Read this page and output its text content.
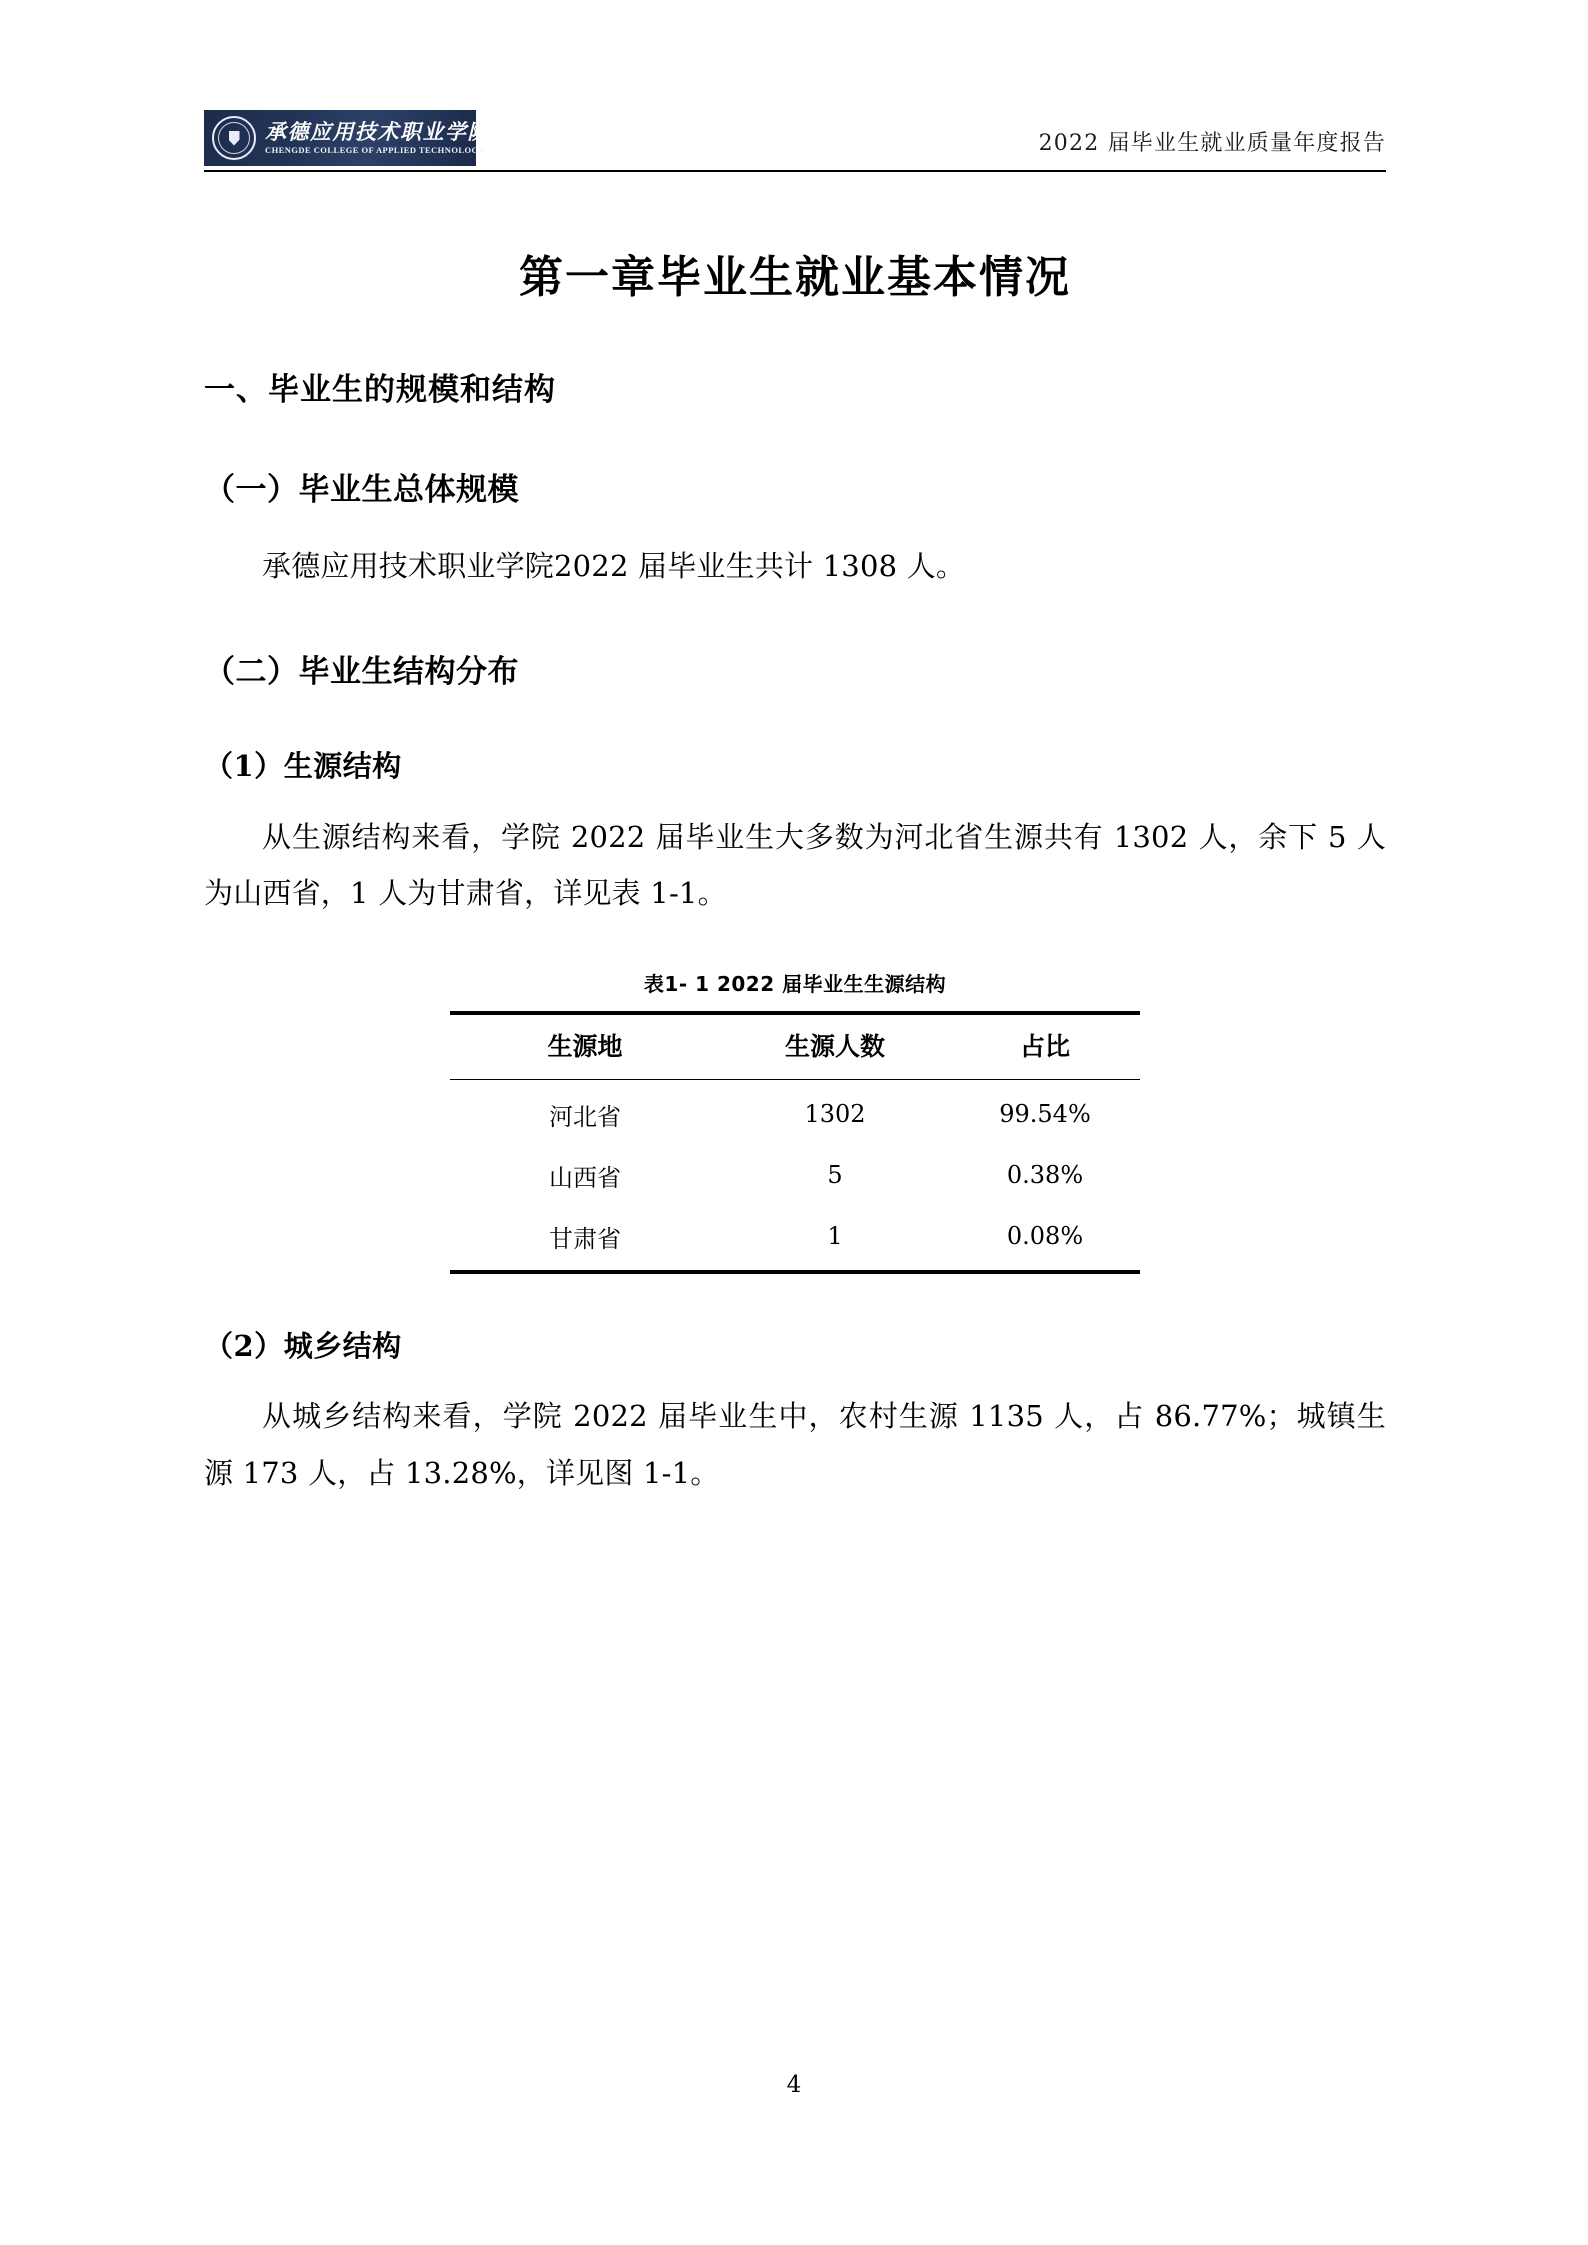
承德应用技术职业学院
CHENGDE COLLEGE OF APPLIED TECHNOLOGY	2022 届毕业生就业质量年度报告
第一章毕业生就业基本情况
一、毕业生的规模和结构
（一）毕业生总体规模

承德应用技术职业学院2022 届毕业生共计 1308 人。

（二）毕业生结构分布
（1）生源结构

从生源结构来看，学院 2022 届毕业生大多数为河北省生源共有 1302 人，余下 5 人为山西省，1 人为甘肃省，详见表 1-1。

表1- 1 2022 届毕业生生源结构
生源地	生源人数	占比
河北省	1302	99.54%
山西省	5	0.38%
甘肃省	1	0.08%
（2）城乡结构

从城乡结构来看，学院 2022 届毕业生中，农村生源 1135 人，占 86.77%；城镇生源 173 人，占 13.28%，详见图 1-1。

4
